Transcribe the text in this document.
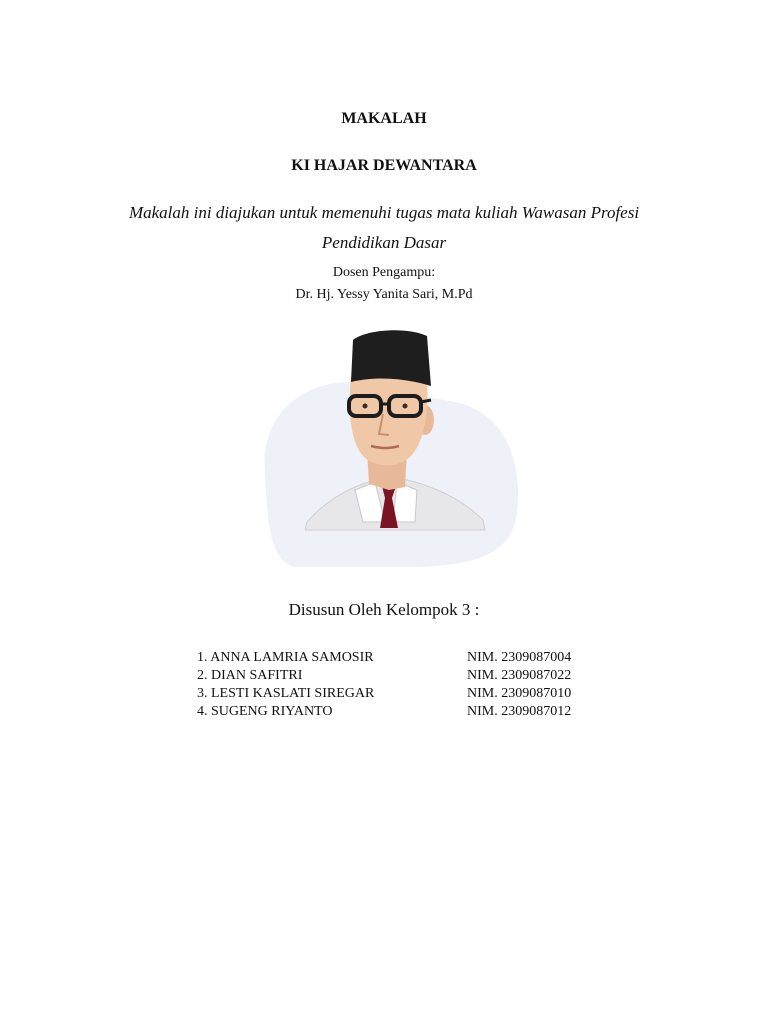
MAKALAH
KI HAJAR DEWANTARA
Makalah ini diajukan untuk memenuhi tugas mata kuliah Wawasan Profesi
Pendidikan Dasar
Dosen Pengampu:
Dr. Hj. Yessy Yanita Sari, M.Pd
Disusun Oleh Kelompok 3 :
1. ANNA LAMRIA SAMOSIR	NIM. 2309087004
2. DIAN SAFITRI	NIM. 2309087022
3. LESTI KASLATI SIREGAR	NIM. 2309087010
4. SUGENG RIYANTO	NIM. 2309087012
